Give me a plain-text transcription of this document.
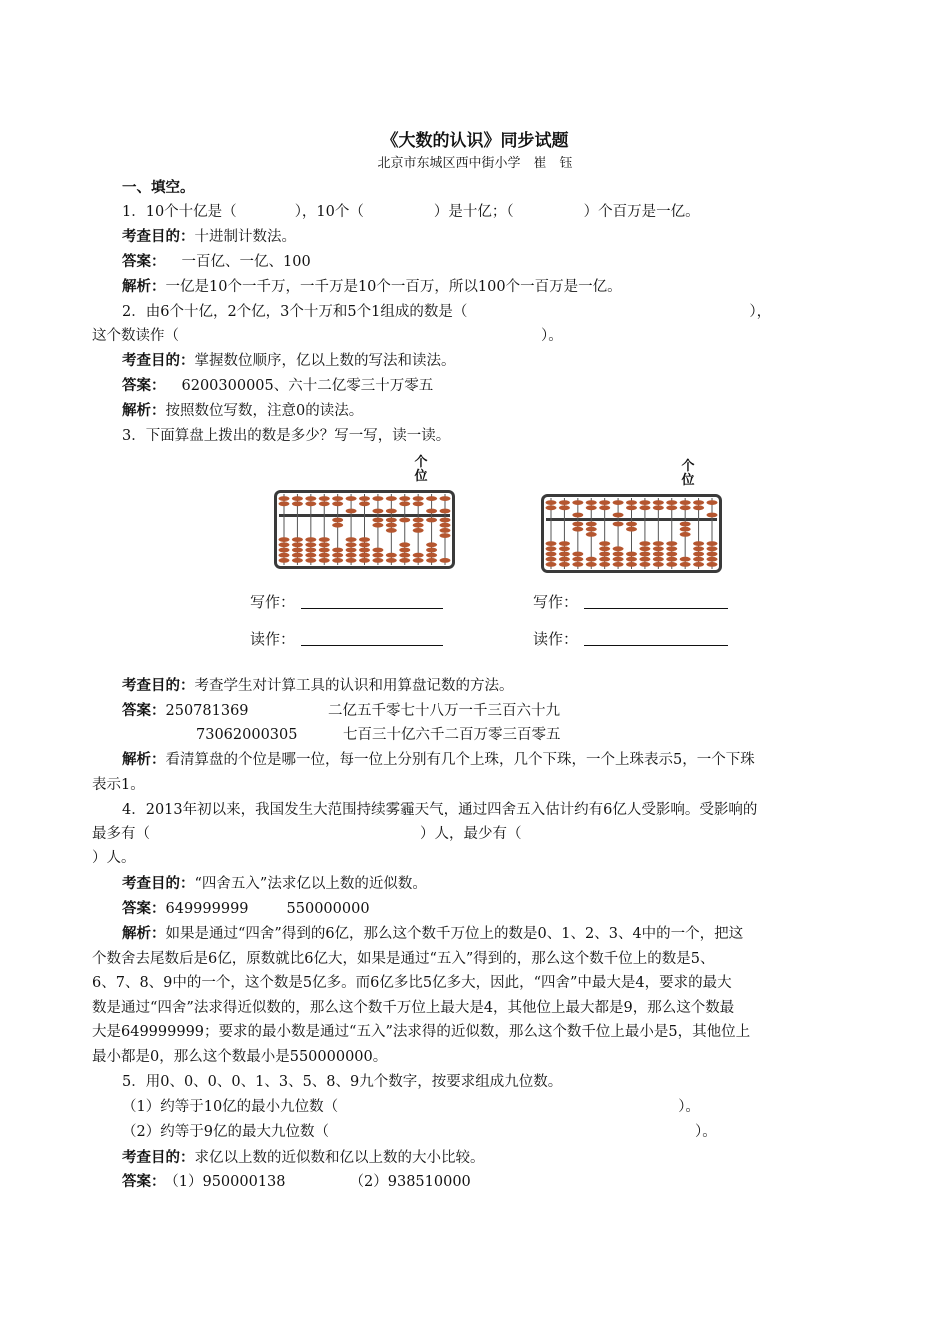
《大数的认识》同步试题
北京市东城区西中街小学　崔　钰
一、填空。
1．10个十亿是（	），10个（	）是十亿；（	）个百万是一亿。
考查目的：十进制计数法。
答案： 一百亿、一亿、100
解析：一亿是10个一千万，一千万是10个一百万，所以100个一百万是一亿。
2．由6个十亿，2个亿，3个十万和5个1组成的数是（	），
这个数读作（	）。
考查目的：掌握数位顺序，亿以上数的写法和读法。
答案： 6200300005、六十二亿零三十万零五
解析：按照数位写数，注意0的读法。
3．下面算盘上拨出的数是多少？写一写，读一读。
个
位
个
位
写作：	写作：
读作：	读作：
考查目的：考查学生对计算工具的认识和用算盘记数的方法。
答案：250781369	二亿五千零七十八万一千三百六十九
73062000305	七百三十亿六千二百万零三百零五
解析：看清算盘的个位是哪一位，每一位上分别有几个上珠，几个下珠，一个上珠表示5，一个下珠
表示1。
4．2013年初以来，我国发生大范围持续雾霾天气，通过四舍五入估计约有6亿人受影响。受影响的
最多有（	）人，最少有（
）人。
考查目的：“四舍五入”法求亿以上数的近似数。
答案：649999999	550000000
解析：如果是通过“四舍”得到的6亿，那么这个数千万位上的数是0、1、2、3、4中的一个，把这
个数舍去尾数后是6亿，原数就比6亿大，如果是通过“五入”得到的，那么这个数千位上的数是5、
6、7、8、9中的一个，这个数是5亿多。而6亿多比5亿多大，因此，“四舍”中最大是4，要求的最大
数是通过“四舍”法求得近似数的，那么这个数千万位上最大是4，其他位上最大都是9，那么这个数最
大是649999999；要求的最小数是通过“五入”法求得的近似数，那么这个数千位上最小是5，其他位上
最小都是0，那么这个数最小是550000000。
5．用0、0、0、0、1、3、5、8、9九个数字，按要求组成九位数。
（1）约等于10亿的最小九位数（	）。
（2）约等于9亿的最大九位数（	）。
考查目的：求亿以上数的近似数和亿以上数的大小比较。
答案： （1）950000138	（2）938510000
